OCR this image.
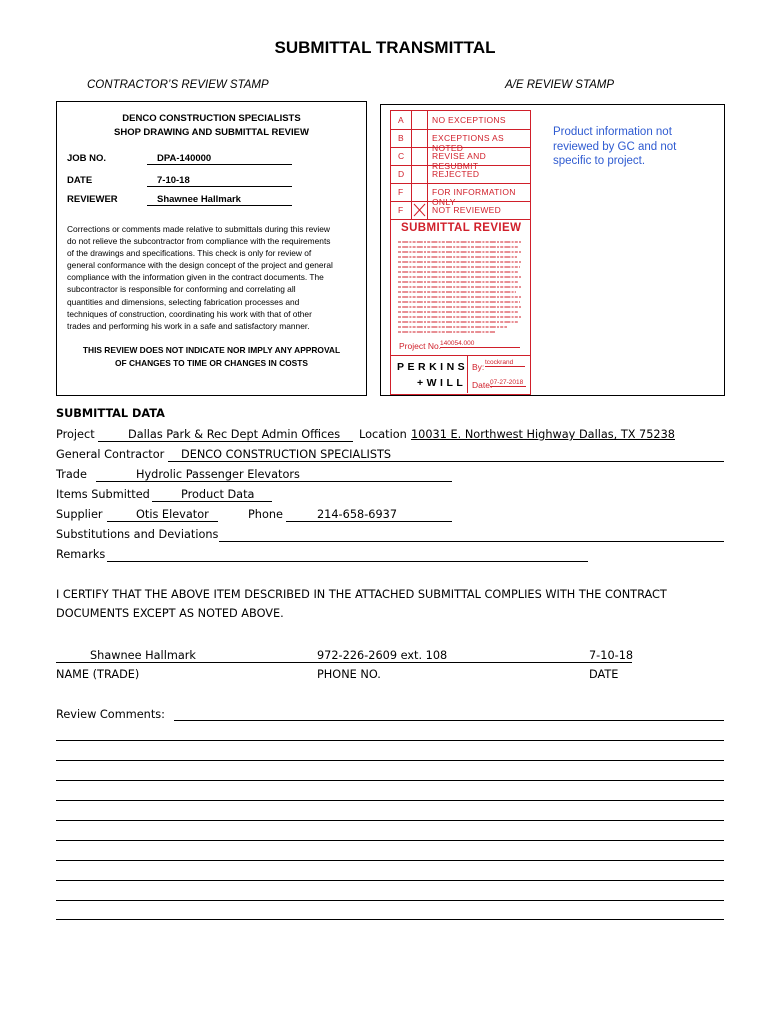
SUBMITTAL TRANSMITTAL
CONTRACTOR’S REVIEW STAMP	A/E REVIEW STAMP
DENCO CONSTRUCTION SPECIALISTS
SHOP DRAWING AND SUBMITTAL REVIEW
JOB NO.	DPA-140000
DATE	7-10-18
REVIEWER	Shawnee Hallmark
Corrections or comments made relative to submittals during this review
do not relieve the subcontractor from compliance with the requirements
of the drawings and specifications. This check is only for review of
general conformance with the design concept of the project and general
compliance with the information given in the contract documents. The
subcontractor is responsible for conforming and correlating all
quantities and dimensions, selecting fabrication processes and
techniques of construction, coordinating his work with that of other
trades and performing his work in a safe and satisfactory manner.
THIS REVIEW DOES NOT INDICATE NOR IMPLY ANY APPROVAL
OF CHANGES TO TIME OR CHANGES IN COSTS
Product information not reviewed by GC and not specific to project.
A	NO EXCEPTIONS
B	EXCEPTIONS AS NOTED
C	REVISE AND RESUBMIT
D	REJECTED
F	FOR INFORMATION ONLY
F	NOT REVIEWED
SUBMITTAL REVIEW
Project No.
140054.000
PERKINS
+WILL
By: tcockrand
Date:
07-27-2018
SUBMITTAL DATA
Project	Dallas Park & Rec Dept Admin Offices Location 10031 E. Northwest Highway Dallas, TX 75238
General Contractor DENCO CONSTRUCTION SPECIALISTS
Trade	Hydrolic Passenger Elevators
Items Submitted	Product Data
Supplier	Otis Elevator	Phone	214-658-6937
Substitutions and Deviations
Remarks
I CERTIFY THAT THE ABOVE ITEM DESCRIBED IN THE ATTACHED SUBMITTAL COMPLIES WITH THE CONTRACT
DOCUMENTS EXCEPT AS NOTED ABOVE.
Shawnee Hallmark	972-226-2609 ext. 108	7-10-18
NAME (TRADE)	PHONE NO.	DATE
Review Comments:
